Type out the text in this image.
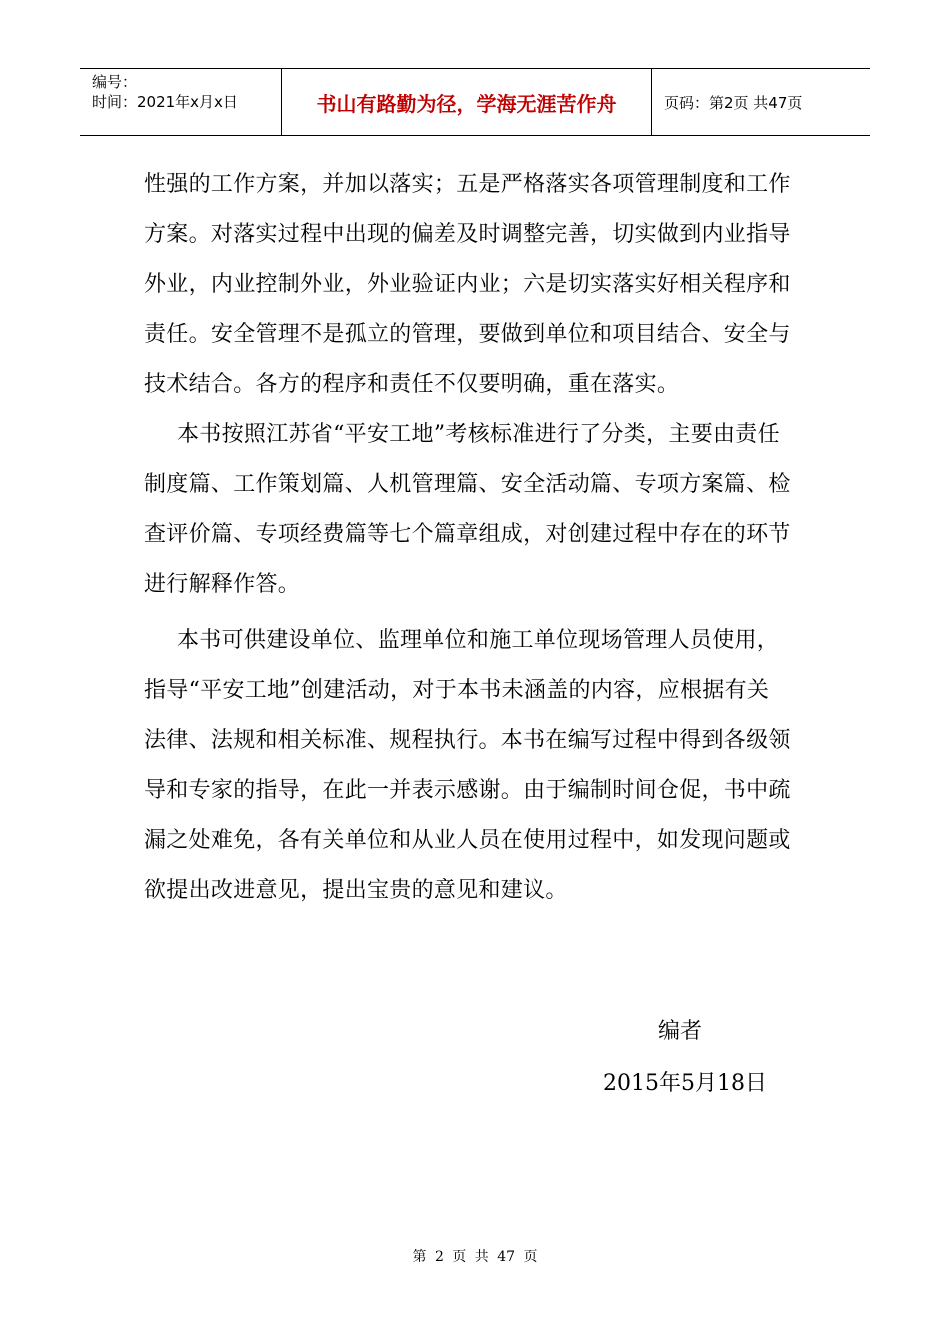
编号：
时间：2021年x月x日	书山有路勤为径，学海无涯苦作舟	页码：第2页 共47页

性强的工作方案，并加以落实；五是严格落实各项管理制度和工作

方案。对落实过程中出现的偏差及时调整完善，切实做到内业指导

外业，内业控制外业，外业验证内业；六是切实落实好相关程序和

责任。安全管理不是孤立的管理，要做到单位和项目结合、安全与

技术结合。各方的程序和责任不仅要明确，重在落实。

本书按照江苏省“平安工地”考核标准进行了分类，主要由责任

制度篇、工作策划篇、人机管理篇、安全活动篇、专项方案篇、检

查评价篇、专项经费篇等七个篇章组成，对创建过程中存在的环节

进行解释作答。

本书可供建设单位、监理单位和施工单位现场管理人员使用，

指导“平安工地”创建活动，对于本书未涵盖的内容，应根据有关

法律、法规和相关标准、规程执行。本书在编写过程中得到各级领

导和专家的指导，在此一并表示感谢。由于编制时间仓促，书中疏

漏之处难免，各有关单位和从业人员在使用过程中，如发现问题或

欲提出改进意见，提出宝贵的意见和建议。

编者
2015年5月18日
第 2 页 共 47 页
